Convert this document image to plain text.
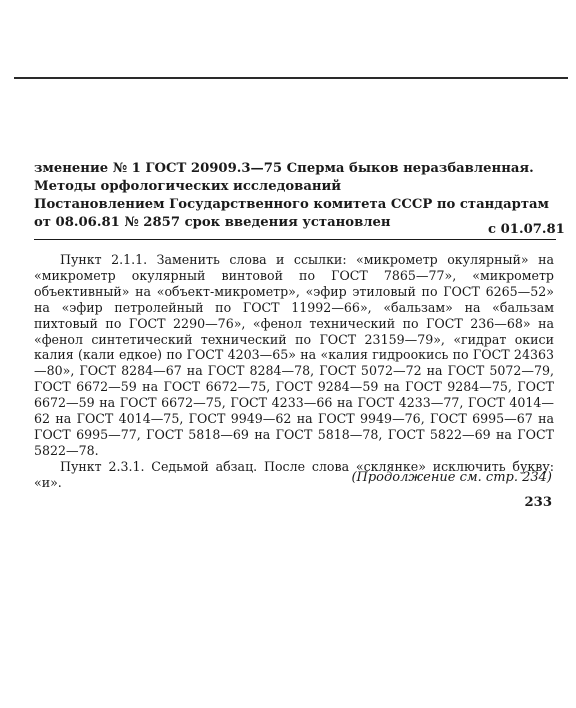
зменение № 1 ГОСТ 20909.3—75 Сперма быков неразбавленная. Методы орфологических исследований
Постановлением Государственного комитета СССР по стандартам от 08.06.81 № 2857 срок введения установлен	с 01.07.81

Пункт 2.1.1. Заменить слова и ссылки: «микрометр окулярный» на «микрометр окулярный винтовой по ГОСТ 7865—77», «микрометр объективный» на «объект-микрометр», «эфир этиловый по ГОСТ 6265—52» на «эфир петролейный по ГОСТ 11992—66», «бальзам» на «бальзам пихтовый по ГОСТ 2290—76», «фенол технический по ГОСТ 236—68» на «фенол синтетический технический по ГОСТ 23159—79», «гидрат окиси калия (кали едкое) по ГОСТ 4203—65» на «калия гидроокись по ГОСТ 24363—80», ГОСТ 8284—67 на ГОСТ 8284—78, ГОСТ 5072—72 на ГОСТ 5072—79, ГОСТ 6672—59 на ГОСТ 6672—75, ГОСТ 9284—59 на ГОСТ 9284—75, ГОСТ 6672—59 на ГОСТ 6672—75, ГОСТ 4233—66 на ГОСТ 4233—77, ГОСТ 4014—62 на ГОСТ 4014—75, ГОСТ 9949—62 на ГОСТ 9949—76, ГОСТ 6995—67 на ГОСТ 6995—77, ГОСТ 5818—69 на ГОСТ 5818—78, ГОСТ 5822—69 на ГОСТ 5822—78.

Пункт 2.3.1. Седьмой абзац. После слова «склянке» исключить букву: «и».	(Продолжение см. стр. 234)
233
